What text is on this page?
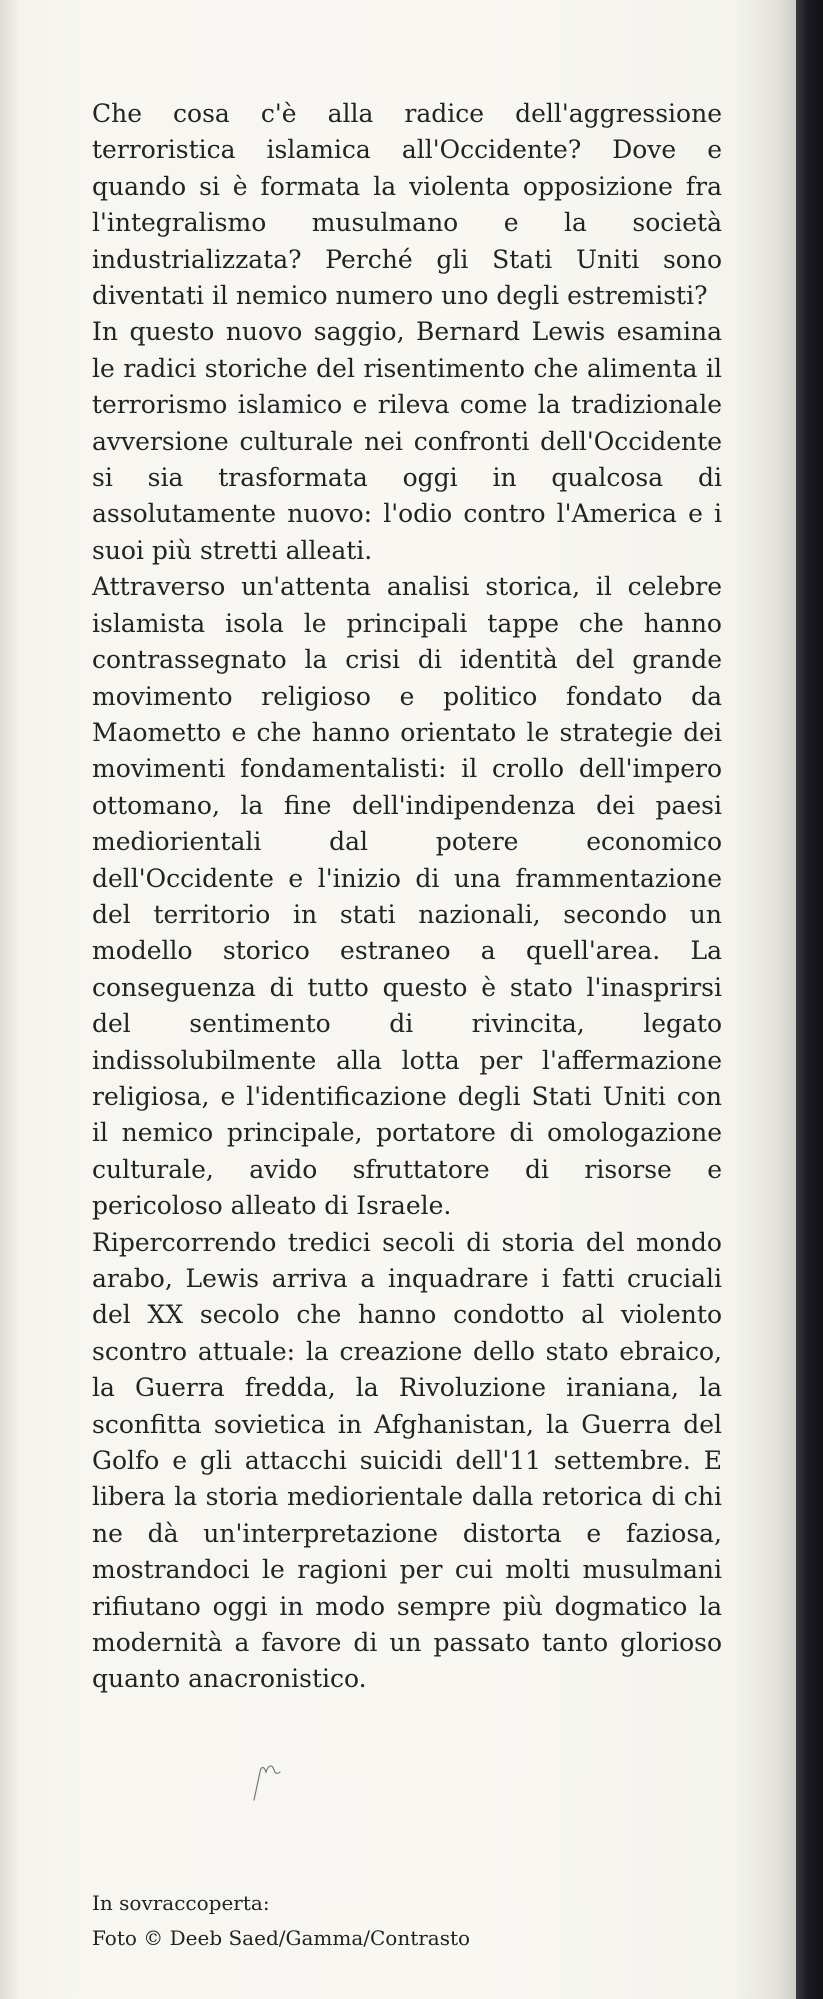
Che cosa c'è alla radice dell'aggressione terroristica islamica all'Occidente? Dove e quando si è formata la violenta opposizione fra l'integralismo musulmano e la società industrializzata? Perché gli Stati Uniti sono diventati il nemico numero uno degli estremisti?

In questo nuovo saggio, Bernard Lewis esamina le radici storiche del risentimento che alimenta il terrorismo islamico e rileva come la tradizionale avversione culturale nei confronti dell'Occidente si sia trasformata oggi in qualcosa di assolutamente nuovo: l'odio contro l'America e i suoi più stretti alleati.

Attraverso un'attenta analisi storica, il celebre islamista isola le principali tappe che hanno contrassegnato la crisi di identità del grande movimento religioso e politico fondato da Maometto e che hanno orientato le strategie dei movimenti fondamentalisti: il crollo dell'impero ottomano, la fine dell'indipendenza dei paesi mediorientali dal potere economico dell'Occidente e l'inizio di una frammentazione del territorio in stati nazionali, secondo un modello storico estraneo a quell'area. La conseguenza di tutto questo è stato l'inasprirsi del sentimento di rivincita, legato indissolubilmente alla lotta per l'affermazione religiosa, e l'identificazione degli Stati Uniti con il nemico principale, portatore di omologazione culturale, avido sfruttatore di risorse e pericoloso alleato di Israele.

Ripercorrendo tredici secoli di storia del mondo arabo, Lewis arriva a inquadrare i fatti cruciali del XX secolo che hanno condotto al violento scontro attuale: la creazione dello stato ebraico, la Guerra fredda, la Rivoluzione iraniana, la sconfitta sovietica in Afghanistan, la Guerra del Golfo e gli attacchi suicidi dell'11 settembre. E libera la storia mediorientale dalla retorica di chi ne dà un'interpretazione distorta e faziosa, mostrandoci le ragioni per cui molti musulmani rifiutano oggi in modo sempre più dogmatico la modernità a favore di un passato tanto glorioso quanto anacronistico.

In sovraccoperta:
Foto © Deeb Saed/Gamma/Contrasto
